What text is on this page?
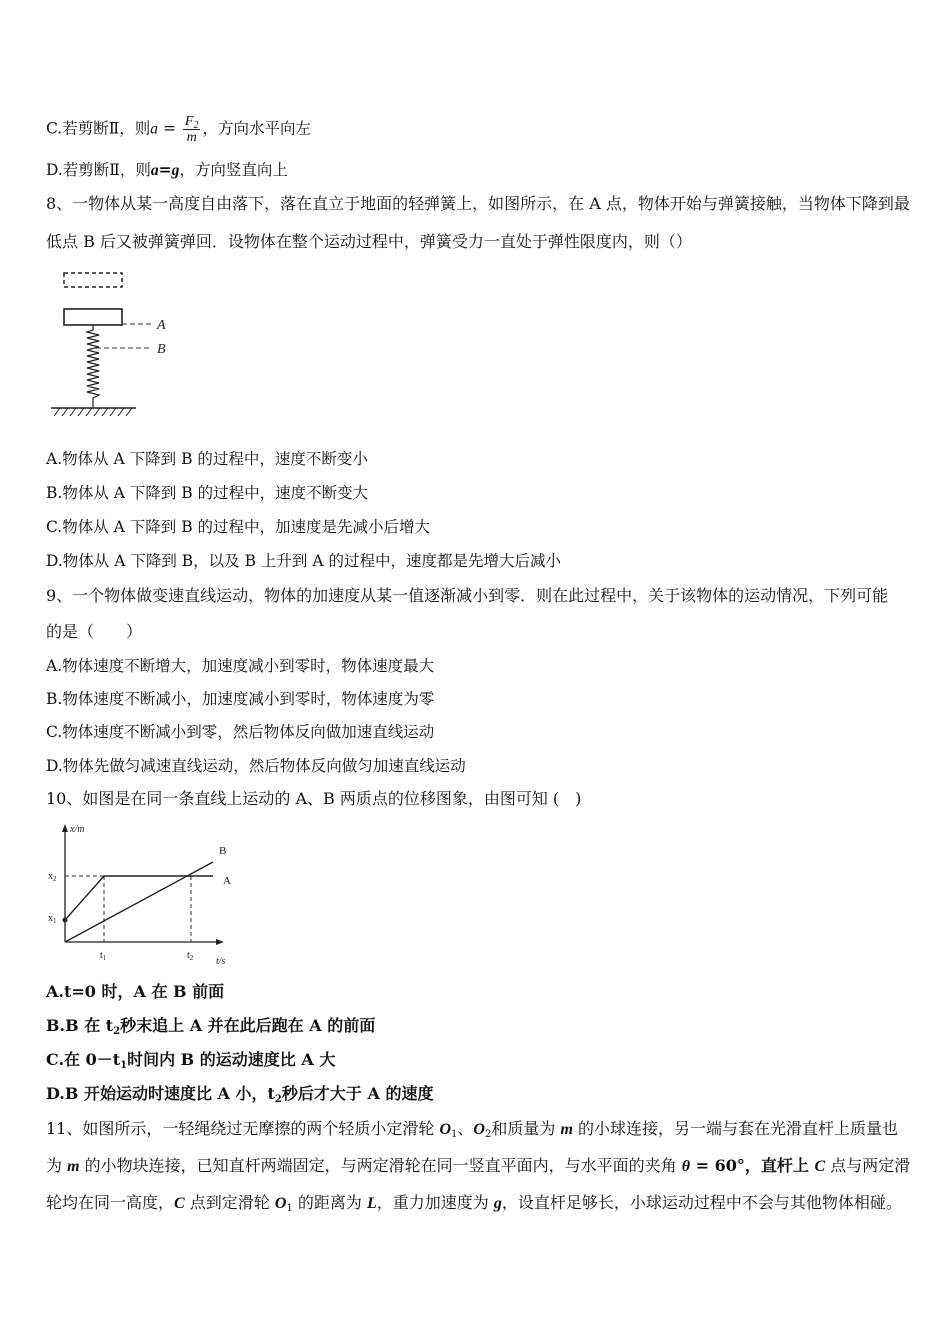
C.若剪断Ⅱ，则$a = \frac{F_2}{m}$ ，方向水平向左
D.若剪断Ⅱ，则a=g，方向竖直向上
8、一物体从某一高度自由落下，落在直立于地面的轻弹簧上，如图所示，在 A 点，物体开始与弹簧接触，当物体下降到最
低点 B 后又被弹簧弹回．设物体在整个运动过程中，弹簧受力一直处于弹性限度内，则（）
A
B
A.物体从 A 下降到 B 的过程中，速度不断变小
B.物体从 A 下降到 B 的过程中，速度不断变大
C.物体从 A 下降到 B 的过程中，加速度是先减小后增大
D.物体从 A 下降到 B，以及 B 上升到 A 的过程中，速度都是先增大后减小
9、一个物体做变速直线运动，物体的加速度从某一值逐渐减小到零．则在此过程中，关于该物体的运动情况，下列可能
的是（　　）
A.物体速度不断增大，加速度减小到零时，物体速度最大
B.物体速度不断减小，加速度减小到零时，物体速度为零
C.物体速度不断减小到零，然后物体反向做加速直线运动
D.物体先做匀减速直线运动，然后物体反向做匀加速直线运动
10、如图是在同一条直线上运动的 A、B 两质点的位移图象，由图可知 (　)
x/m
t/s
$x_2$
$x_1$
$t_1$	$t_2$
B
A
A.t=0 时，A 在 B 前面
B.B 在 $t_2$秒末追上 A 并在此后跑在 A 的前面
C.在 $0-t_1$时间内 B 的运动速度比 A 大
D.B 开始运动时速度比 A 小，$t_2$秒后才大于 A 的速度
11、如图所示，一轻绳绕过无摩擦的两个轻质小定滑轮 $O_1$、$O_2$和质量为 m 的小球连接，另一端与套在光滑直杆上质量也
为 m 的小物块连接，已知直杆两端固定，与两定滑轮在同一竖直平面内，与水平面的夹角 θ = 60°，直杆上 C 点与两定滑
轮均在同一高度，C 点到定滑轮 $O_1$ 的距离为 L，重力加速度为 g，设直杆足够长，小球运动过程中不会与其他物体相碰。
